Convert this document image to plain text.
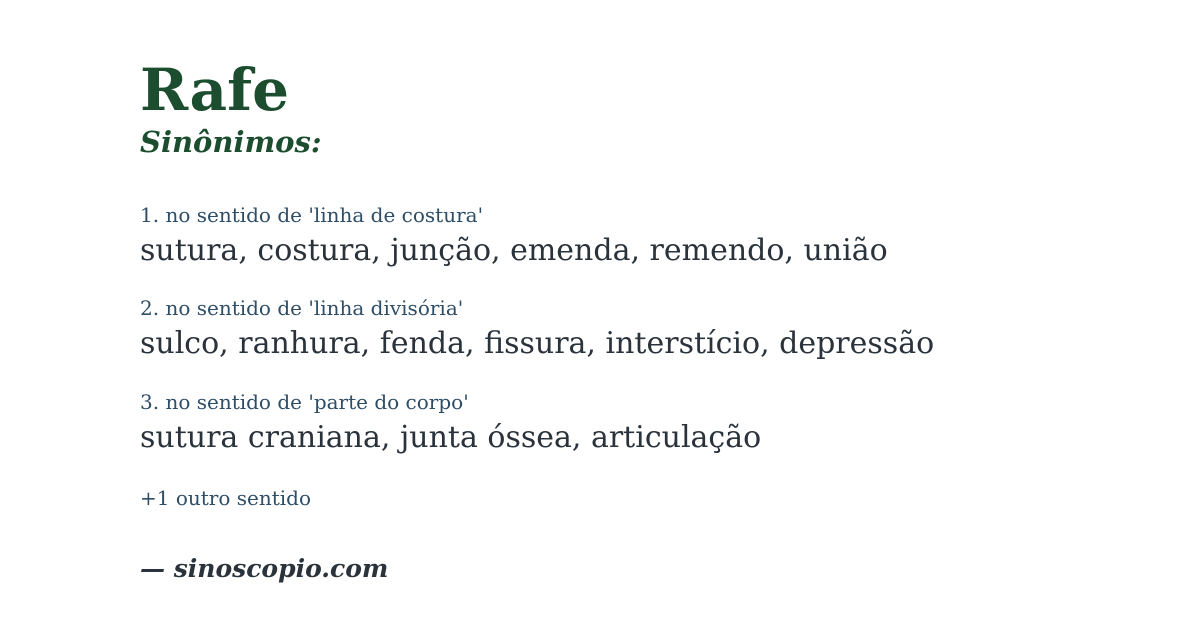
Rafe
Sinônimos:
1. no sentido de 'linha de costura'
sutura, costura, junção, emenda, remendo, união
2. no sentido de 'linha divisória'
sulco, ranhura, fenda, fissura, interstício, depressão
3. no sentido de 'parte do corpo'
sutura craniana, junta óssea, articulação
+1 outro sentido
— sinoscopio.com
